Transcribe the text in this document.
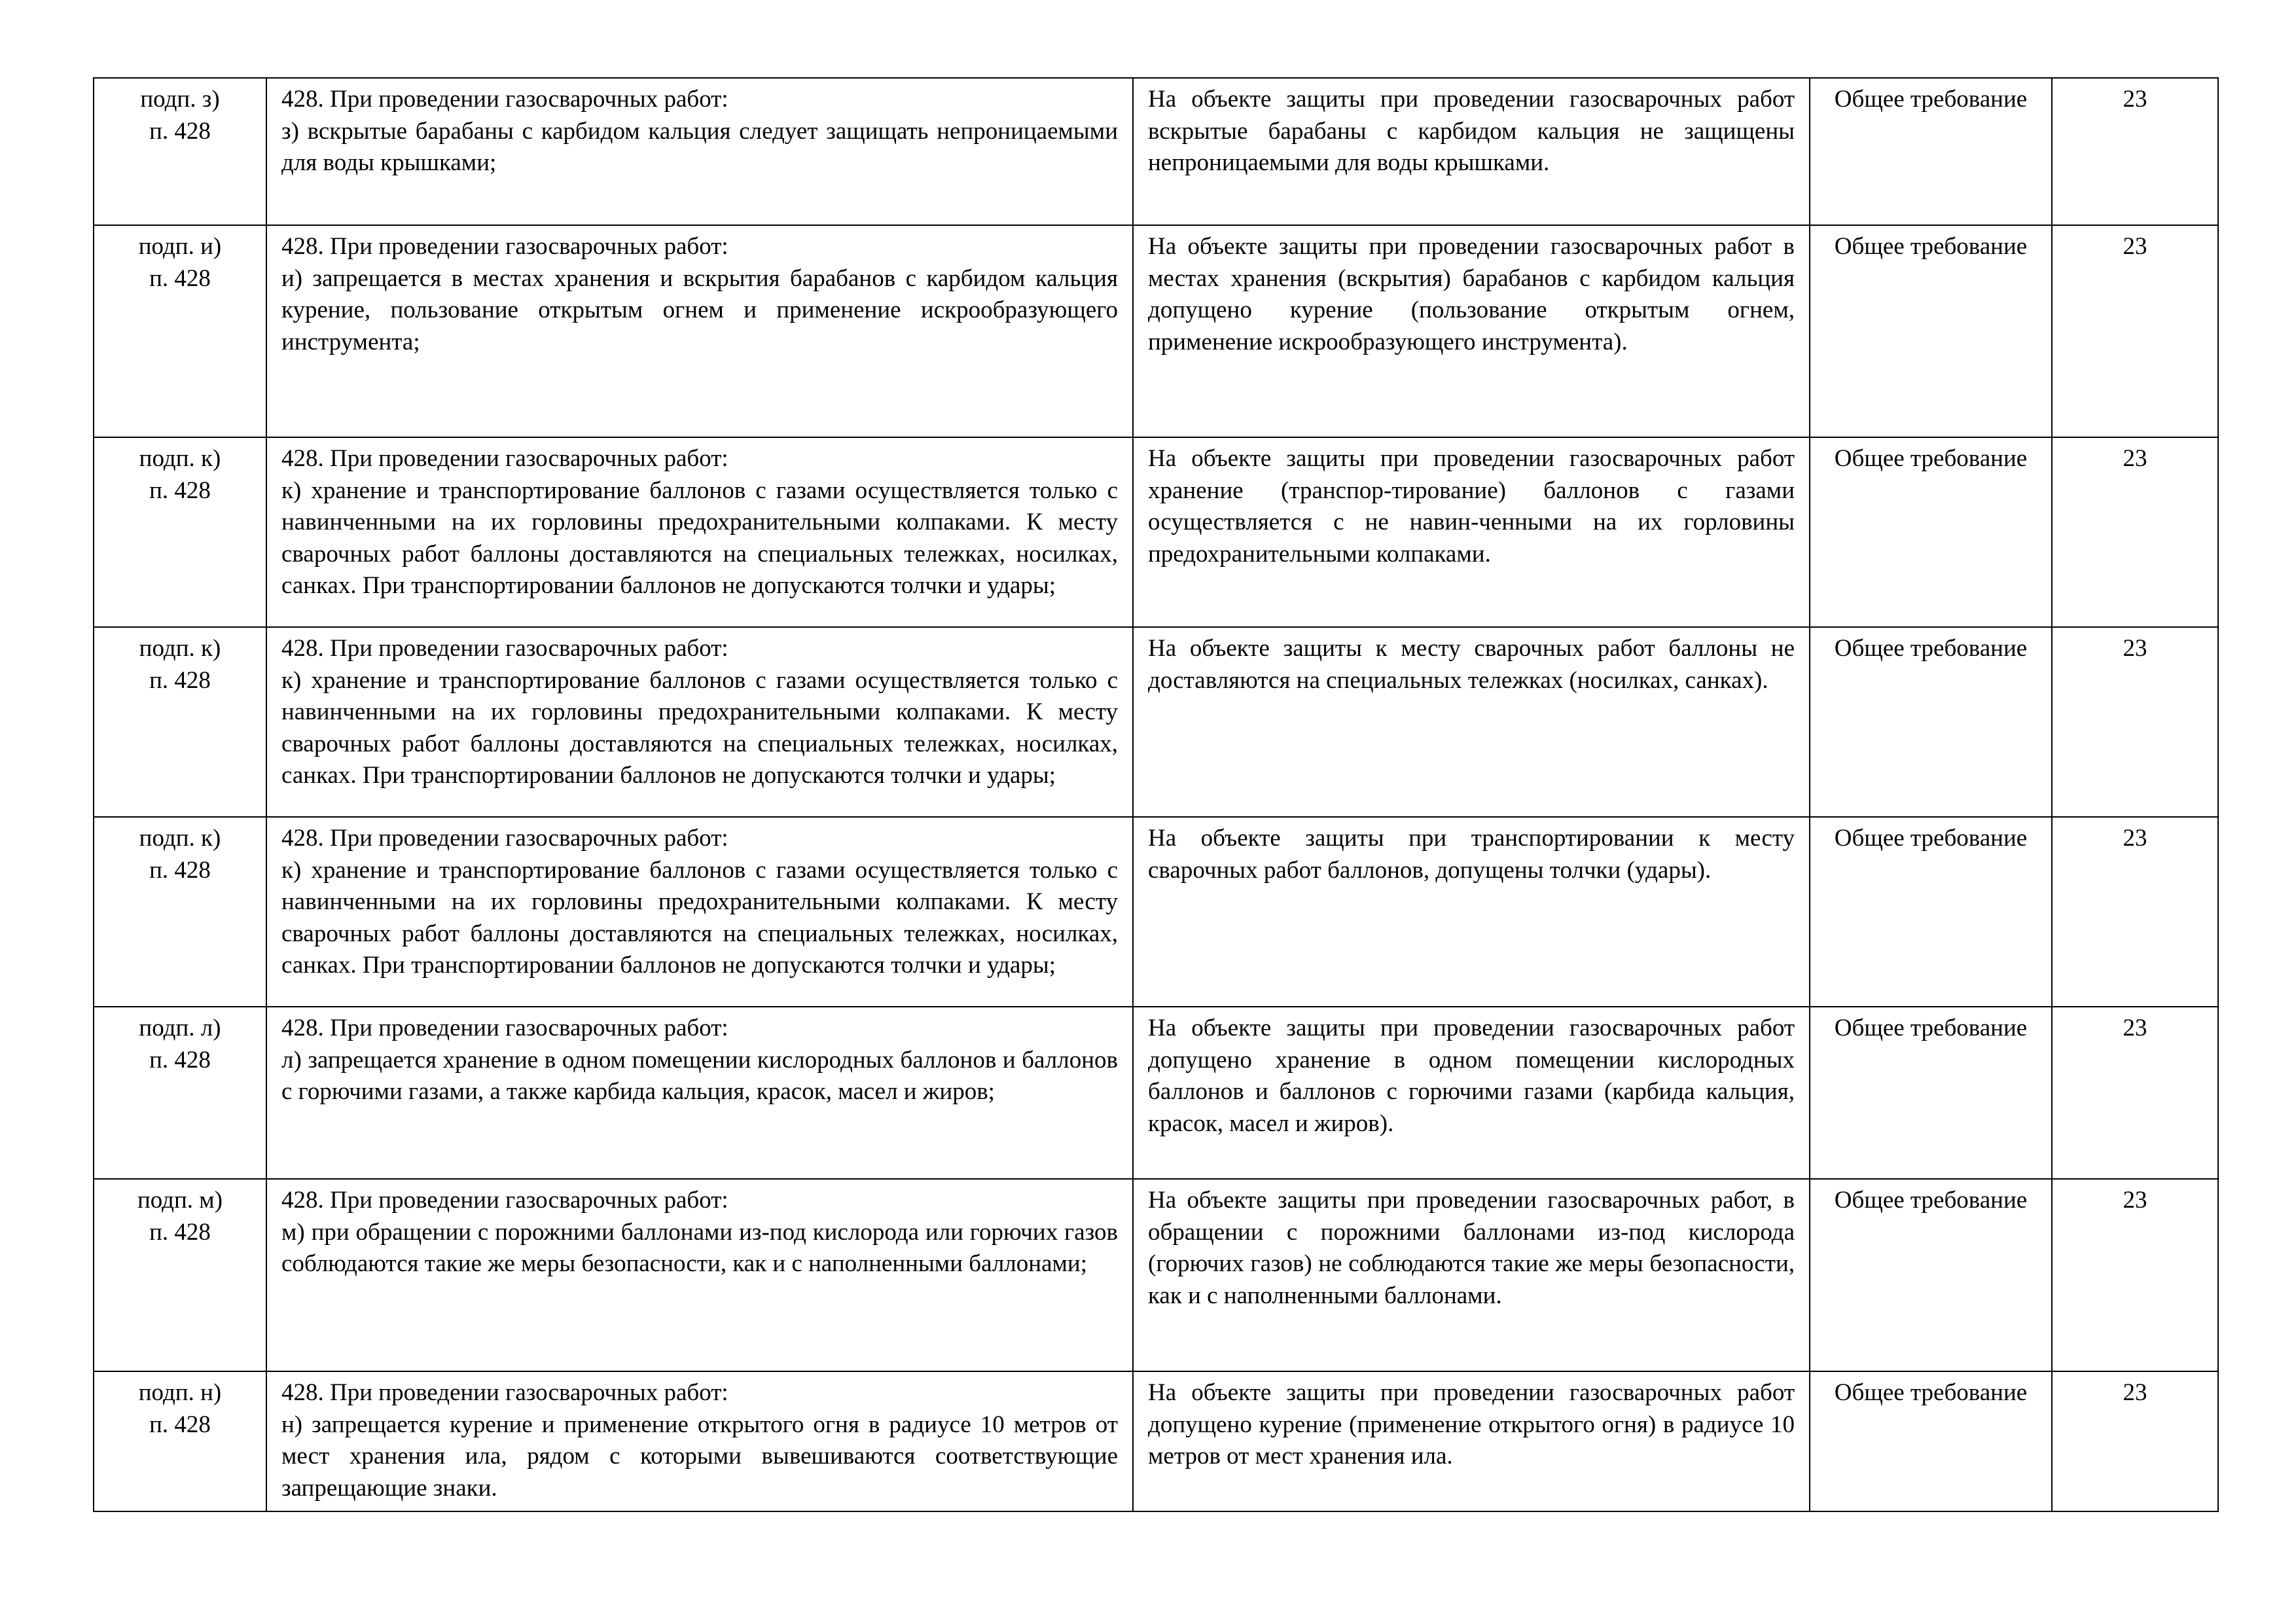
подп. з)
п. 428	428. При проведении газосварочных работ:
з) вскрытые барабаны с карбидом кальция следует защищать непроницаемыми для воды крышками;	На объекте защиты при проведении газосварочных работ вскрытые барабаны с карбидом кальция не защищены непроницаемыми для воды крышками.	Общее требование	23

подп. и)
п. 428	428. При проведении газосварочных работ:
и) запрещается в местах хранения и вскрытия барабанов с карбидом кальция курение, пользование открытым огнем и применение искрообразующего инструмента;	На объекте защиты при проведении газосварочных работ в местах хранения (вскрытия) барабанов с карбидом кальция допущено курение (пользование открытым огнем, применение искрообразующего инструмента).	Общее требование	23

подп. к)
п. 428	428. При проведении газосварочных работ:
к) хранение и транспортирование баллонов с газами осуществляется только с навинченными на их горловины предохранительными колпаками. К месту сварочных работ баллоны доставляются на специальных тележках, носилках, санках. При транспортировании баллонов не допускаются толчки и удары;	На объекте защиты при проведении газосварочных работ хранение (транспор-тирование) баллонов с газами осуществляется с не навин-ченными на их горловины предохранительными колпаками.	Общее требование	23

подп. к)
п. 428	428. При проведении газосварочных работ:
к) хранение и транспортирование баллонов с газами осуществляется только с навинченными на их горловины предохранительными колпаками. К месту сварочных работ баллоны доставляются на специальных тележках, носилках, санках. При транспортировании баллонов не допускаются толчки и удары;	На объекте защиты к месту сварочных работ баллоны не доставляются на специальных тележках (носилках, санках).	Общее требование	23

подп. к)
п. 428	428. При проведении газосварочных работ:
к) хранение и транспортирование баллонов с газами осуществляется только с навинченными на их горловины предохранительными колпаками. К месту сварочных работ баллоны доставляются на специальных тележках, носилках, санках. При транспортировании баллонов не допускаются толчки и удары;	На объекте защиты при транспортировании к месту сварочных работ баллонов, допущены толчки (удары).	Общее требование	23

подп. л)
п. 428	428. При проведении газосварочных работ:
л) запрещается хранение в одном помещении кислородных баллонов и баллонов с горючими газами, а также карбида кальция, красок, масел и жиров;	На объекте защиты при проведении газосварочных работ допущено хранение в одном помещении кислородных баллонов и баллонов с горючими газами (карбида кальция, красок, масел и жиров).	Общее требование	23

подп. м)
п. 428	428. При проведении газосварочных работ:
м) при обращении с порожними баллонами из-под кислорода или горючих газов соблюдаются такие же меры безопасности, как и с наполненными баллонами;	На объекте защиты при проведении газосварочных работ, в обращении с порожними баллонами из-под кислорода (горючих газов) не соблюдаются такие же меры безопасности, как и с наполненными баллонами.	Общее требование	23

подп. н)
п. 428	428. При проведении газосварочных работ:
н) запрещается курение и применение открытого огня в радиусе 10 метров от мест хранения ила, рядом с которыми вывешиваются соответствующие запрещающие знаки.	На объекте защиты при проведении газосварочных работ допущено курение (применение открытого огня) в радиусе 10 метров от мест хранения ила.	Общее требование	23
